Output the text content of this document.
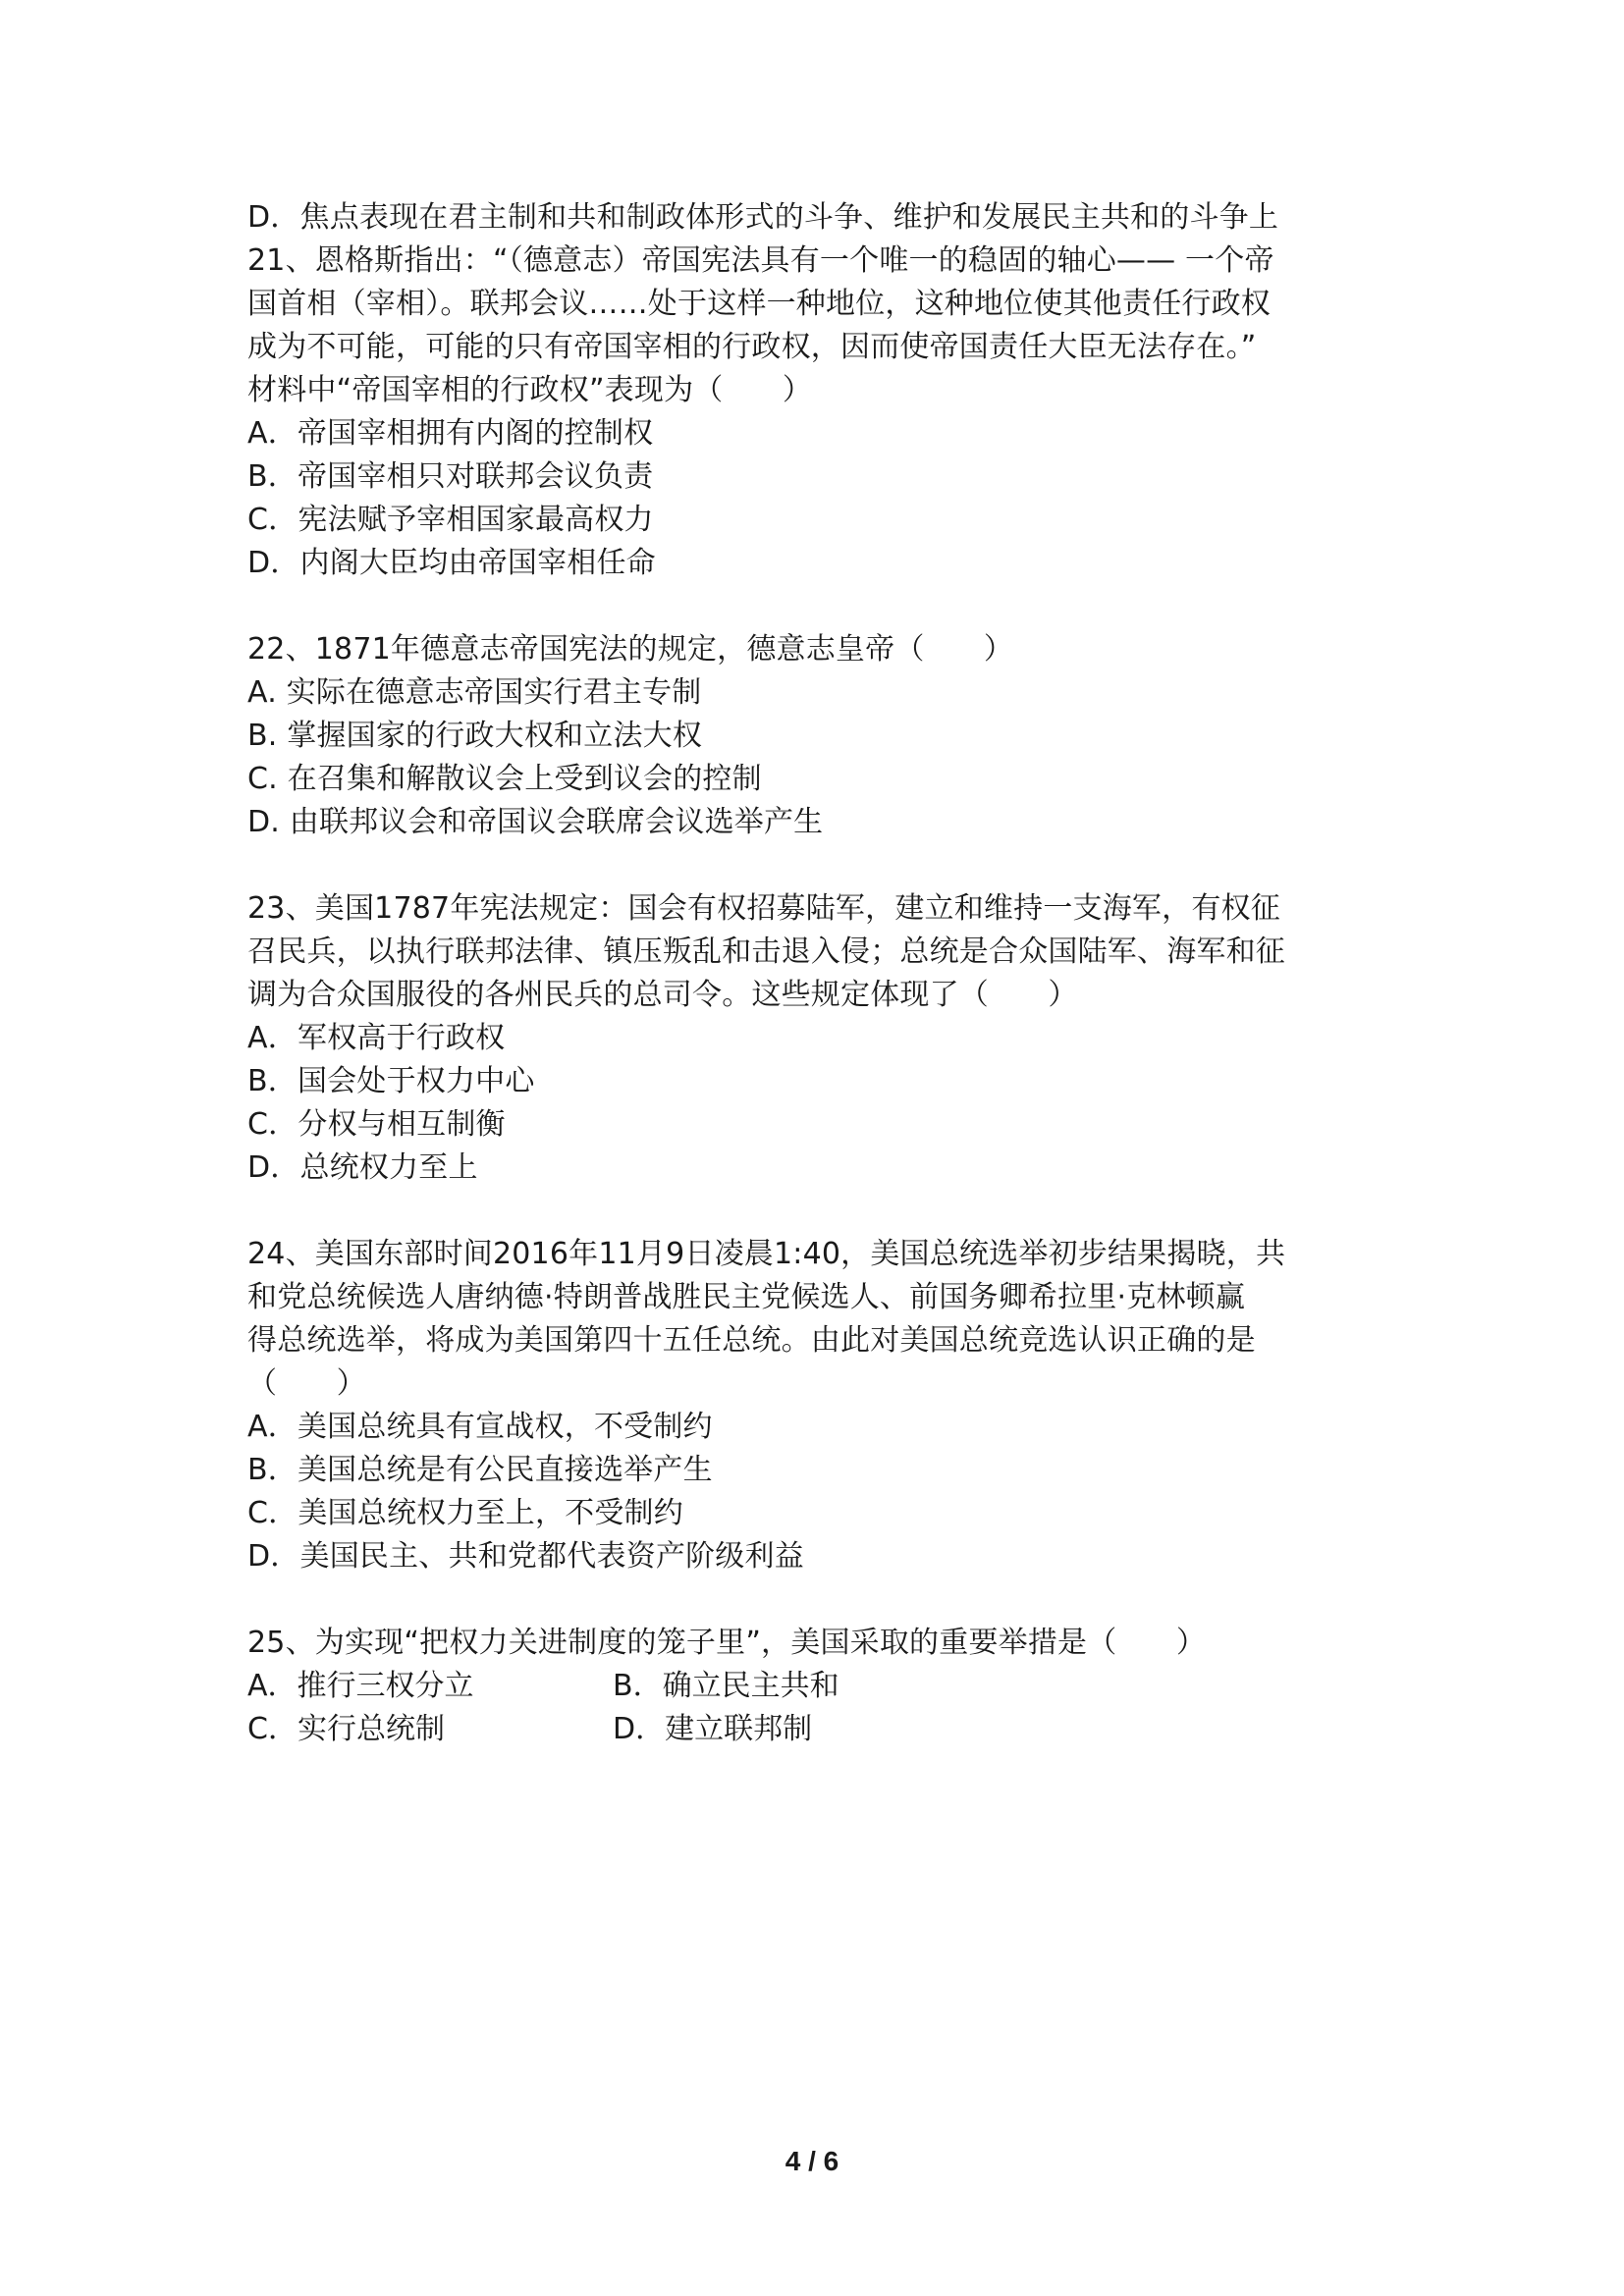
D．焦点表现在君主制和共和制政体形式的斗争、维护和发展民主共和的斗争上
21、恩格斯指出：“（德意志）帝国宪法具有一个唯一的稳固的轴心—— 一个帝
国首相（宰相）。联邦会议……处于这样一种地位，这种地位使其他责任行政权
成为不可能，可能的只有帝国宰相的行政权，因而使帝国责任大臣无法存在。”
材料中“帝国宰相的行政权”表现为（　　）
A．帝国宰相拥有内阁的控制权
B．帝国宰相只对联邦会议负责
C．宪法赋予宰相国家最高权力
D．内阁大臣均由帝国宰相任命
22、1871年德意志帝国宪法的规定，德意志皇帝（　　）
A. 实际在德意志帝国实行君主专制
B. 掌握国家的行政大权和立法大权
C. 在召集和解散议会上受到议会的控制
D. 由联邦议会和帝国议会联席会议选举产生
23、美国1787年宪法规定：国会有权招募陆军，建立和维持一支海军，有权征
召民兵，以执行联邦法律、镇压叛乱和击退入侵；总统是合众国陆军、海军和征
调为合众国服役的各州民兵的总司令。这些规定体现了（　　）
A．军权高于行政权
B．国会处于权力中心
C．分权与相互制衡
D．总统权力至上
24、美国东部时间2016年11月9日凌晨1:40，美国总统选举初步结果揭晓，共
和党总统候选人唐纳德·特朗普战胜民主党候选人、前国务卿希拉里·克林顿赢
得总统选举，将成为美国第四十五任总统。由此对美国总统竞选认识正确的是
（　　）
A．美国总统具有宣战权，不受制约
B．美国总统是有公民直接选举产生
C．美国总统权力至上，不受制约
D．美国民主、共和党都代表资产阶级利益
25、为实现“把权力关进制度的笼子里”，美国采取的重要举措是（　　）
A．推行三权分立	B．确立民主共和
C．实行总统制	D．建立联邦制
4 / 6
